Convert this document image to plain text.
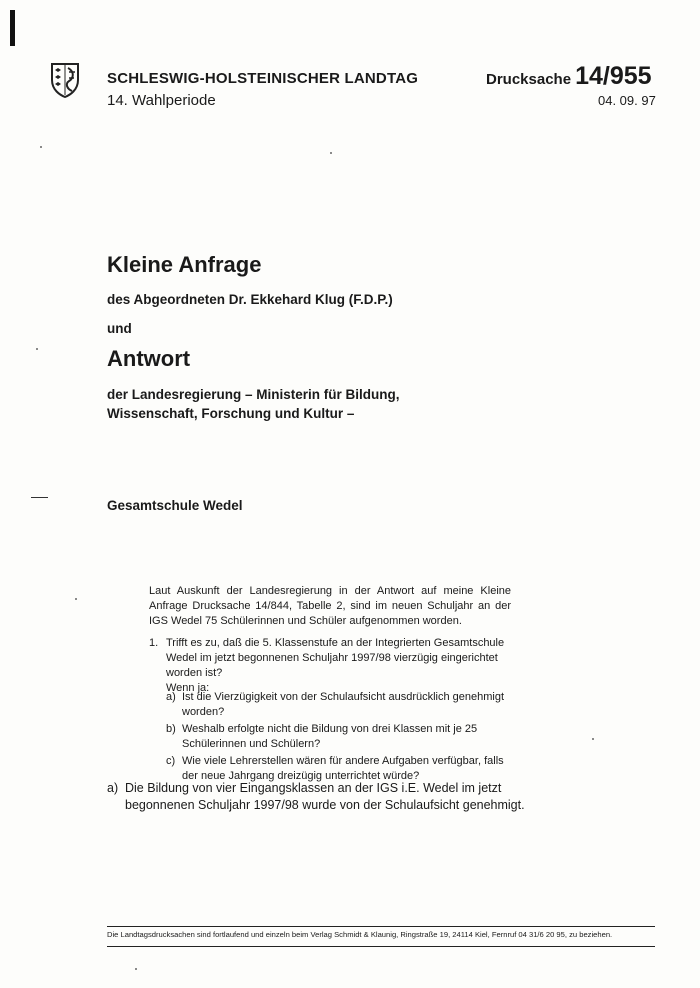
SCHLESWIG-HOLSTEINISCHER LANDTAG
14. Wahlperiode
Drucksache 14/955
04. 09. 97
Kleine Anfrage
des Abgeordneten Dr. Ekkehard Klug (F.D.P.)
und
Antwort
der Landesregierung – Ministerin für Bildung,
Wissenschaft, Forschung und Kultur –
Gesamtschule Wedel
Laut Auskunft der Landesregierung in der Antwort auf meine Kleine Anfrage Drucksache 14/844, Tabelle 2, sind im neuen Schuljahr an der IGS Wedel 75 Schülerinnen und Schüler aufgenommen worden.
1. Trifft es zu, daß die 5. Klassenstufe an der Integrierten Gesamtschule Wedel im jetzt begonnenen Schuljahr 1997/98 vierzügig eingerichtet worden ist?
Wenn ja:
a) Ist die Vierzügigkeit von der Schulaufsicht ausdrücklich genehmigt worden?
b) Weshalb erfolgte nicht die Bildung von drei Klassen mit je 25 Schülerinnen und Schülern?
c) Wie viele Lehrerstellen wären für andere Aufgaben verfügbar, falls der neue Jahrgang dreizügig unterrichtet würde?
a) Die Bildung von vier Eingangsklassen an der IGS i.E. Wedel im jetzt begonnenen Schuljahr 1997/98 wurde von der Schulaufsicht genehmigt.
Die Landtagsdrucksachen sind fortlaufend und einzeln beim Verlag Schmidt & Klaunig, Ringstraße 19, 24114 Kiel, Fernruf 04 31/6 20 95, zu beziehen.
